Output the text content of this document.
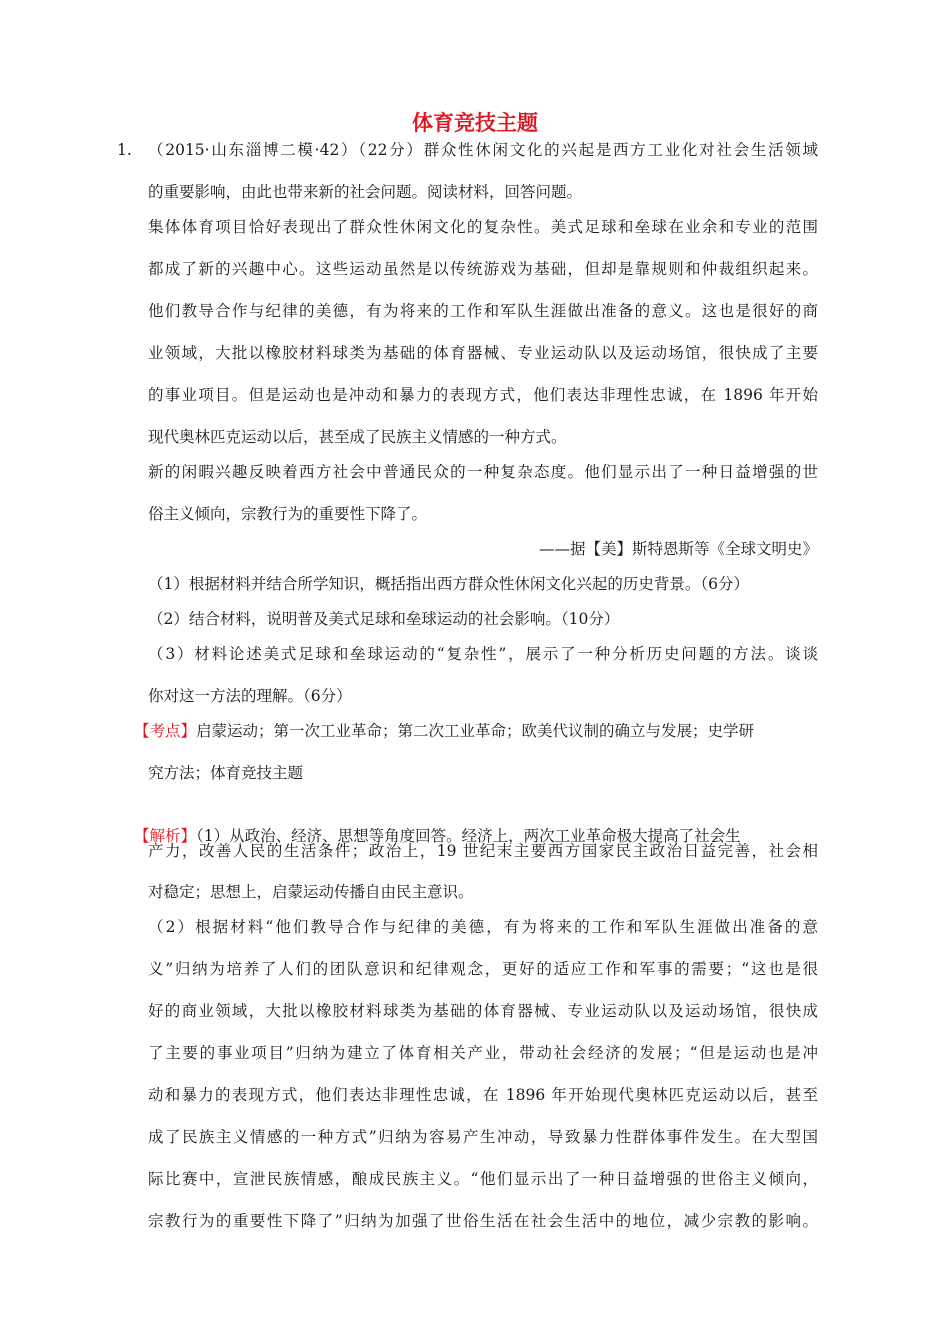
体育竞技主题
1. （2015·山东淄博二模·42）（22分）群众性休闲文化的兴起是西方工业化对社会生活领域
的重要影响，由此也带来新的社会问题。阅读材料，回答问题。
集体体育项目恰好表现出了群众性休闲文化的复杂性。美式足球和垒球在业余和专业的范围
都成了新的兴趣中心。这些运动虽然是以传统游戏为基础，但却是靠规则和仲裁组织起来。
他们教导合作与纪律的美德，有为将来的工作和军队生涯做出准备的意义。这也是很好的商
业领域，大批以橡胶材料球类为基础的体育器械、专业运动队以及运动场馆，很快成了主要
的事业项目。但是运动也是冲动和暴力的表现方式，他们表达非理性忠诚，在 1896 年开始
现代奥林匹克运动以后，甚至成了民族主义情感的一种方式。
新的闲暇兴趣反映着西方社会中普通民众的一种复杂态度。他们显示出了一种日益增强的世
俗主义倾向，宗教行为的重要性下降了。
——据【美】斯特恩斯等《全球文明史》
（1）根据材料并结合所学知识，概括指出西方群众性休闲文化兴起的历史背景。（6分）
（2）结合材料，说明普及美式足球和垒球运动的社会影响。（10分）
（3）材料论述美式足球和垒球运动的“复杂性”，展示了一种分析历史问题的方法。谈谈
你对这一方法的理解。（6分）
【考点】启蒙运动；第一次工业革命；第二次工业革命；欧美代议制的确立与发展；史学研
究方法；体育竞技主题
【解析】（1）从政治、经济、思想等角度回答。经济上，两次工业革命极大提高了社会生
产力，改善人民的生活条件；政治上，19 世纪末主要西方国家民主政治日益完善，社会相
对稳定；思想上，启蒙运动传播自由民主意识。
（2）根据材料“他们教导合作与纪律的美德，有为将来的工作和军队生涯做出准备的意
义”归纳为培养了人们的团队意识和纪律观念，更好的适应工作和军事的需要；“这也是很
好的商业领域，大批以橡胶材料球类为基础的体育器械、专业运动队以及运动场馆，很快成
了主要的事业项目”归纳为建立了体育相关产业，带动社会经济的发展；“但是运动也是冲
动和暴力的表现方式，他们表达非理性忠诚，在 1896 年开始现代奥林匹克运动以后，甚至
成了民族主义情感的一种方式”归纳为容易产生冲动，导致暴力性群体事件发生。在大型国
际比赛中，宣泄民族情感，酿成民族主义。“他们显示出了一种日益增强的世俗主义倾向，
宗教行为的重要性下降了”归纳为加强了世俗生活在社会生活中的地位，减少宗教的影响。
